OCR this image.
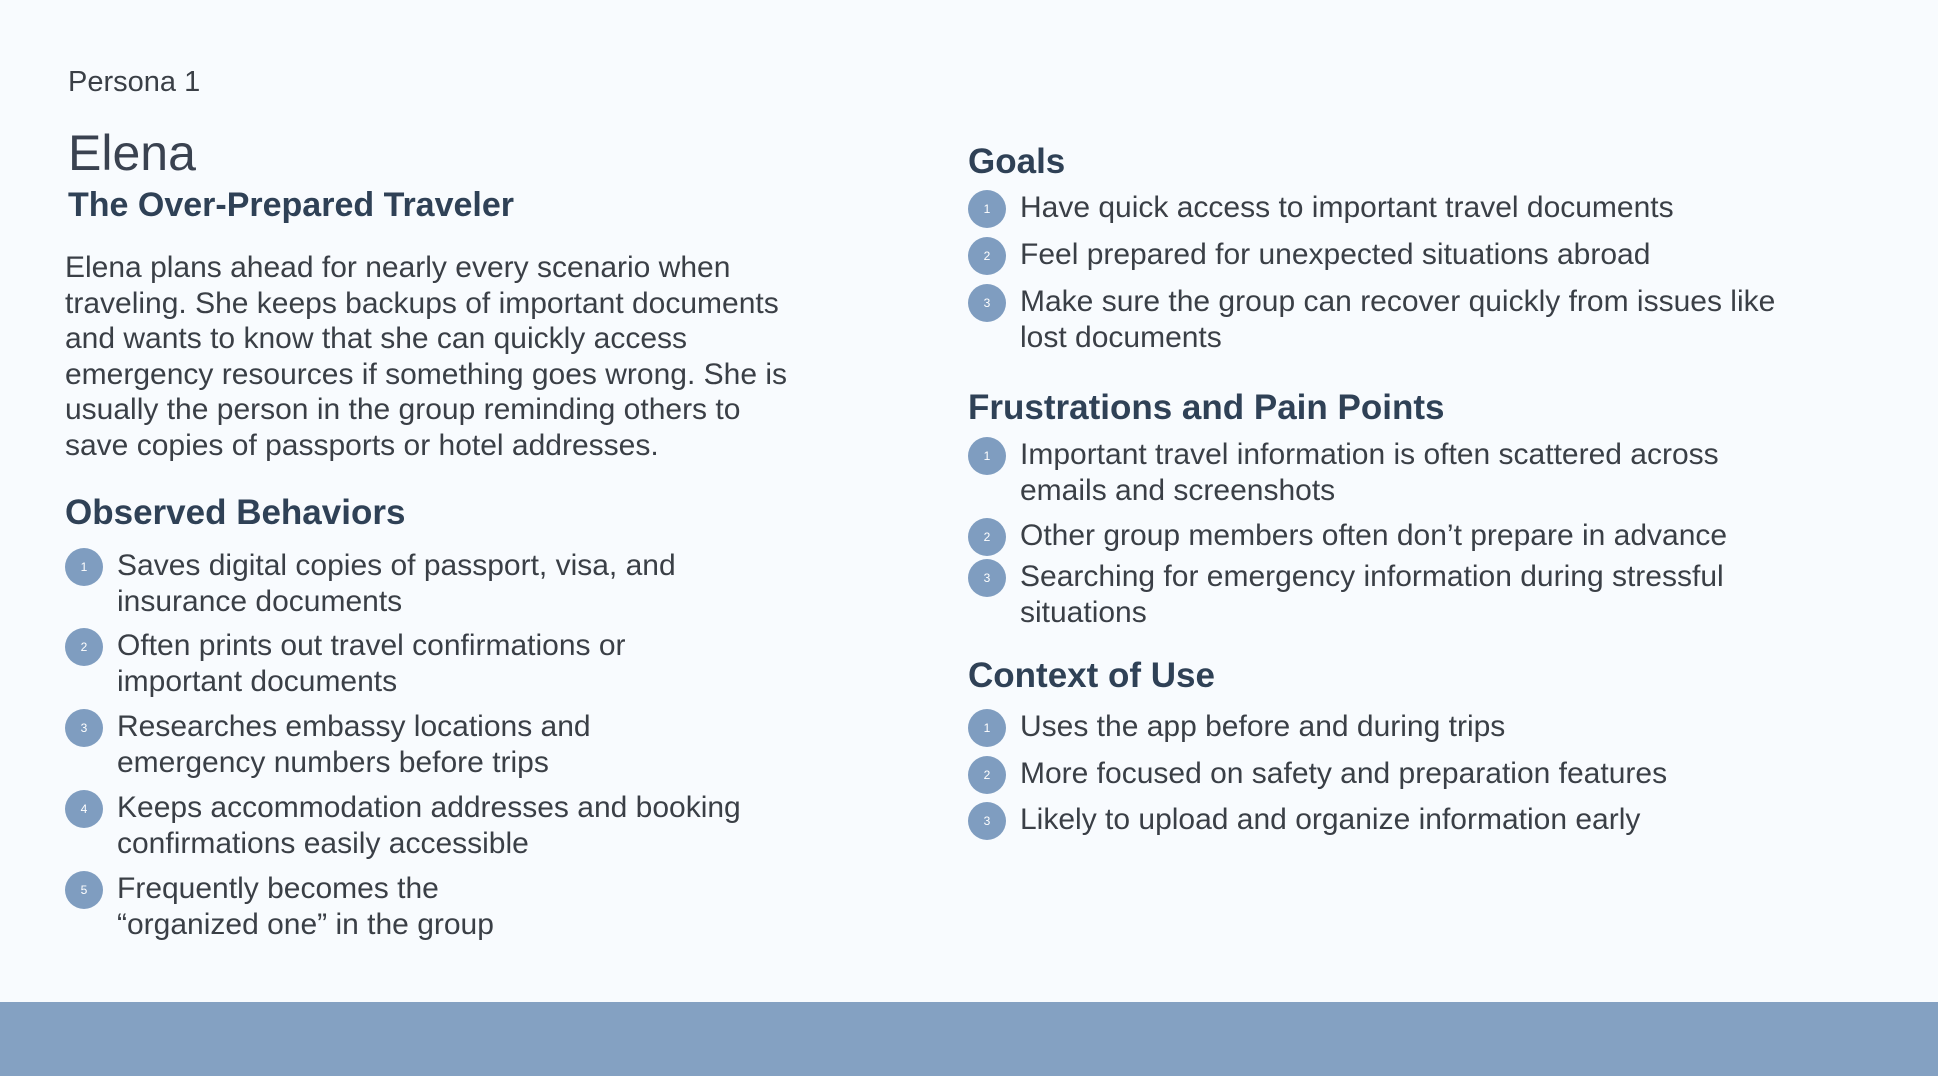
Persona 1
Elena
The Over-Prepared Traveler
Elena plans ahead for nearly every scenario when
traveling. She keeps backups of important documents
and wants to know that she can quickly access
emergency resources if something goes wrong. She is
usually the person in the group reminding others to
save copies of passports or hotel addresses.
Observed Behaviors
1 Saves digital copies of passport, visa, and
insurance documents
2 Often prints out travel confirmations or
important documents
3 Researches embassy locations and
emergency numbers before trips
4 Keeps accommodation addresses and booking
confirmations easily accessible
5 Frequently becomes the
“organized one” in the group
Goals
1 Have quick access to important travel documents
2 Feel prepared for unexpected situations abroad
3 Make sure the group can recover quickly from issues like
lost documents
Frustrations and Pain Points
1 Important travel information is often scattered across
emails and screenshots
2 Other group members often don’t prepare in advance
3 Searching for emergency information during stressful
situations
Context of Use
1 Uses the app before and during trips
2 More focused on safety and preparation features
3 Likely to upload and organize information early
